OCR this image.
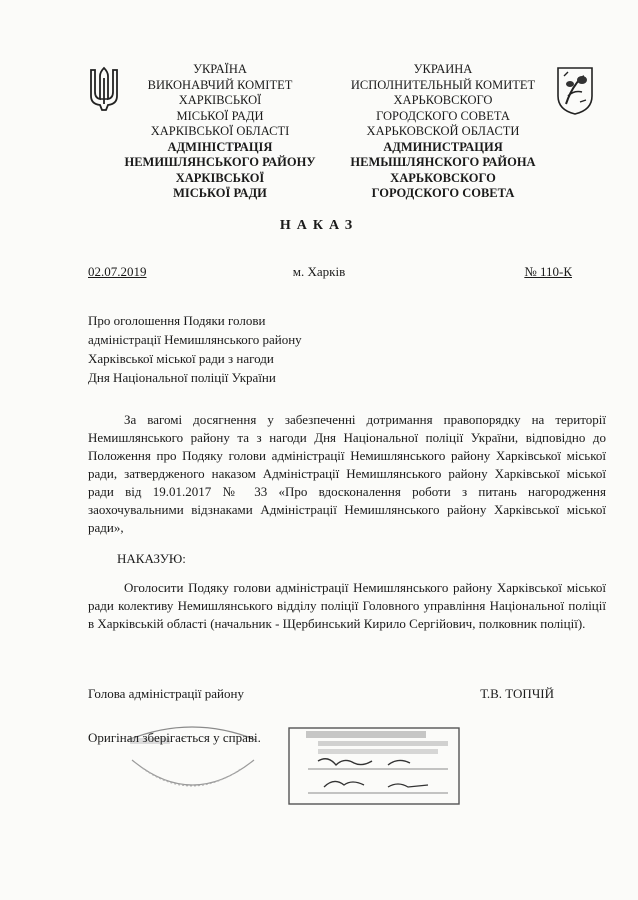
УКРАЇНА
ВИКОНАВЧИЙ КОМІТЕТ
ХАРКІВСЬКОЇ
МІСЬКОЇ РАДИ
ХАРКІВСЬКОЇ ОБЛАСТІ
АДМІНІСТРАЦІЯ
НЕМИШЛЯНСЬКОГО РАЙОНУ
ХАРКІВСЬКОЇ
МІСЬКОЇ РАДИ
УКРАИНА
ИСПОЛНИТЕЛЬНЫЙ КОМИТЕТ
ХАРЬКОВСКОГО
ГОРОДСКОГО СОВЕТА
ХАРЬКОВСКОЙ ОБЛАСТИ
АДМИНИСТРАЦИЯ
НЕМЫШЛЯНСКОГО РАЙОНА
ХАРЬКОВСКОГО
ГОРОДСКОГО СОВЕТА
НАКАЗ
02.07.2019	м. Харків	№ 110-К
Про оголошення Подяки голови
адміністрації Немишлянського району
Харківської міської ради з нагоди
Дня Національної поліції України
За вагомі досягнення у забезпеченні дотримання правопорядку на території Немишлянського району та з нагоди Дня Національної поліції України, відповідно до Положення про Подяку голови адміністрації Немишлянського району Харківської міської ради, затвердженого наказом Адміністрації Немишлянського району Харківської міської ради від 19.01.2017 № 33 «Про вдосконалення роботи з питань нагородження заохочувальними відзнаками Адміністрації Немишлянського району Харківської міської ради»,
НАКАЗУЮ:
Оголосити Подяку голови адміністрації Немишлянського району Харківської міської ради колективу Немишлянського відділу поліції Головного управління Національної поліції в Харківській області (начальник - Щербинський Кирило Сергійович, полковник поліції).
Голова адміністрації району	Т.В. ТОПЧІЙ
Оригінал зберігається у справі.
